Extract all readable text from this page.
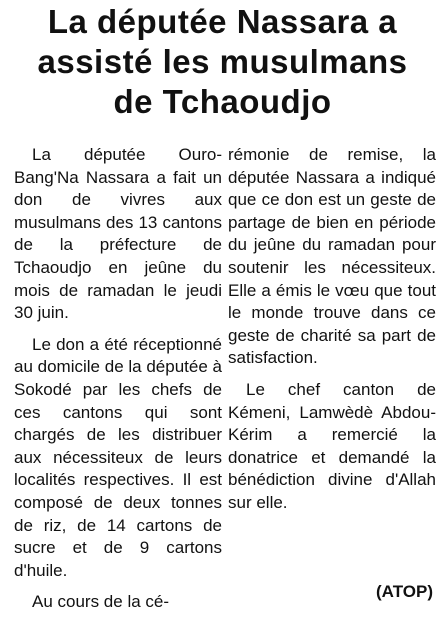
La députée Nassara a
assisté les musulmans
de Tchaoudjo

La députée Ouro-Bang'Na Nassara a fait un don de vivres aux musulmans des 13 cantons de la préfecture de Tchaoudjo en jeûne du mois de ramadan le jeudi 30 juin.

Le don a été réceptionné au domicile de la députée à Sokodé par les chefs de ces cantons qui sont chargés de les distribuer aux nécessiteux de leurs localités respectives. Il est composé de deux tonnes de riz, de 14 cartons de sucre et de 9 cartons d'huile.

Au cours de la cé-

rémonie de remise, la députée Nassara a indiqué que ce don est un geste de partage de bien en période du jeûne du ramadan pour soutenir les nécessiteux. Elle a émis le vœu que tout le monde trouve dans ce geste de charité sa part de satisfaction.

Le chef canton de Kémeni, Lamwèdè Abdou-Kérim a remercié la donatrice et demandé la bénédiction divine d'Allah sur elle.

(ATOP)
